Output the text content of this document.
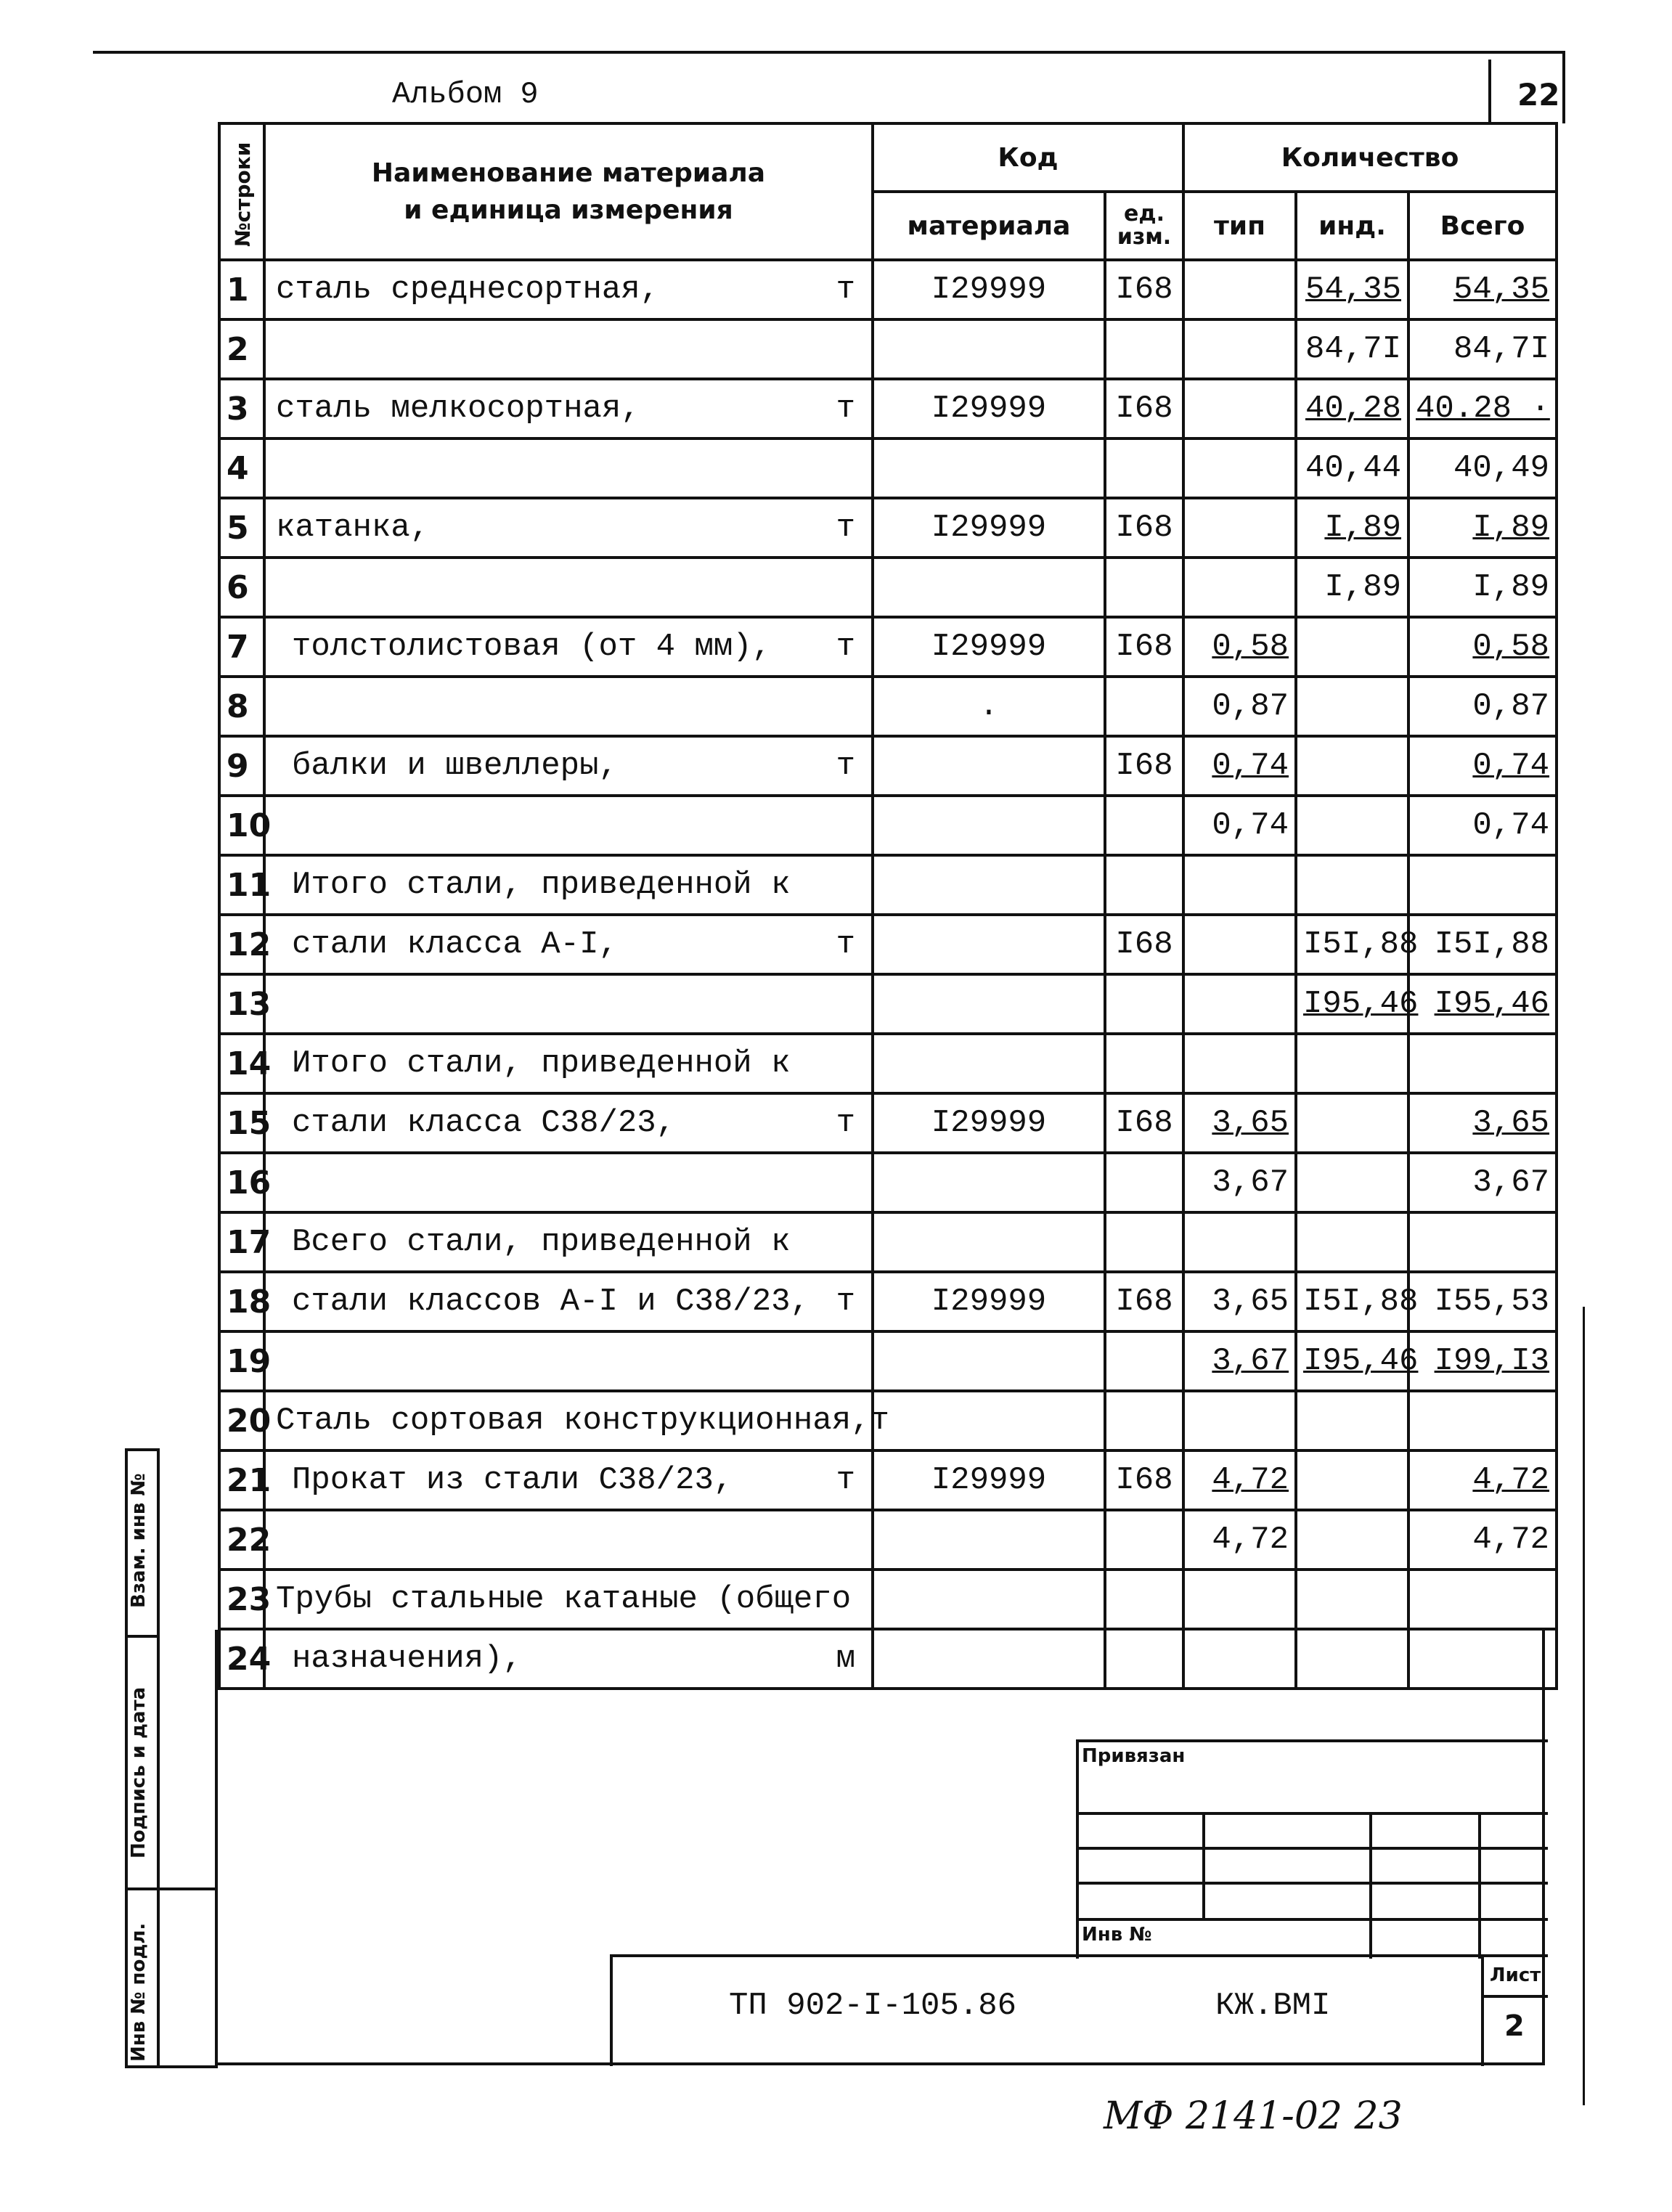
Альбом 9	22
№строки	Наименование материала
и единица измерения	Код		Количество		
		материала	ед. изм.	тип	инд.	Всего
1	сталь среднесортная, т	I29999	I68		54,35	54,35
2					84,7I	84,7I
3	сталь мелкосортная, т	I29999	I68		40,28	40.28 ·
4					40,44	40,49
5	катанка, т	I29999	I68		I,89	I,89
6					I,89	I,89
7	толстолистовая (от 4 мм), т	I29999	I68	0,58		0,58
8		.		0,87		0,87
9	балки и швеллеры, т		I68	0,74		0,74
10				0,74		0,74
11	Итого стали, приведенной к					

12	стали класса А-I, т		I68		I5I,88	I5I,88
13					I95,46	I95,46
14	Итого стали, приведенной к					

15	стали класса С38/23, т	I29999	I68	3,65		3,65
16				3,67		3,67
17	Всего стали, приведенной к					

18	стали классов А-I и С38/23, т	I29999	I68	3,65	I5I,88	I55,53
19				3,67	I95,46	I99,I3
20	Сталь сортовая конструкционная,т					

21	Прокат из стали С38/23, т	I29999	I68	4,72		4,72
22				4,72		4,72
23	Трубы стальные катаные (общего					

24	назначения), м					

Взам. инв №
Подпись и дата
Инв № подл.
Привязан
Инв №
ТП 902-I-105.86	КЖ.ВМI
Лист
2
МФ 2141-02 23
